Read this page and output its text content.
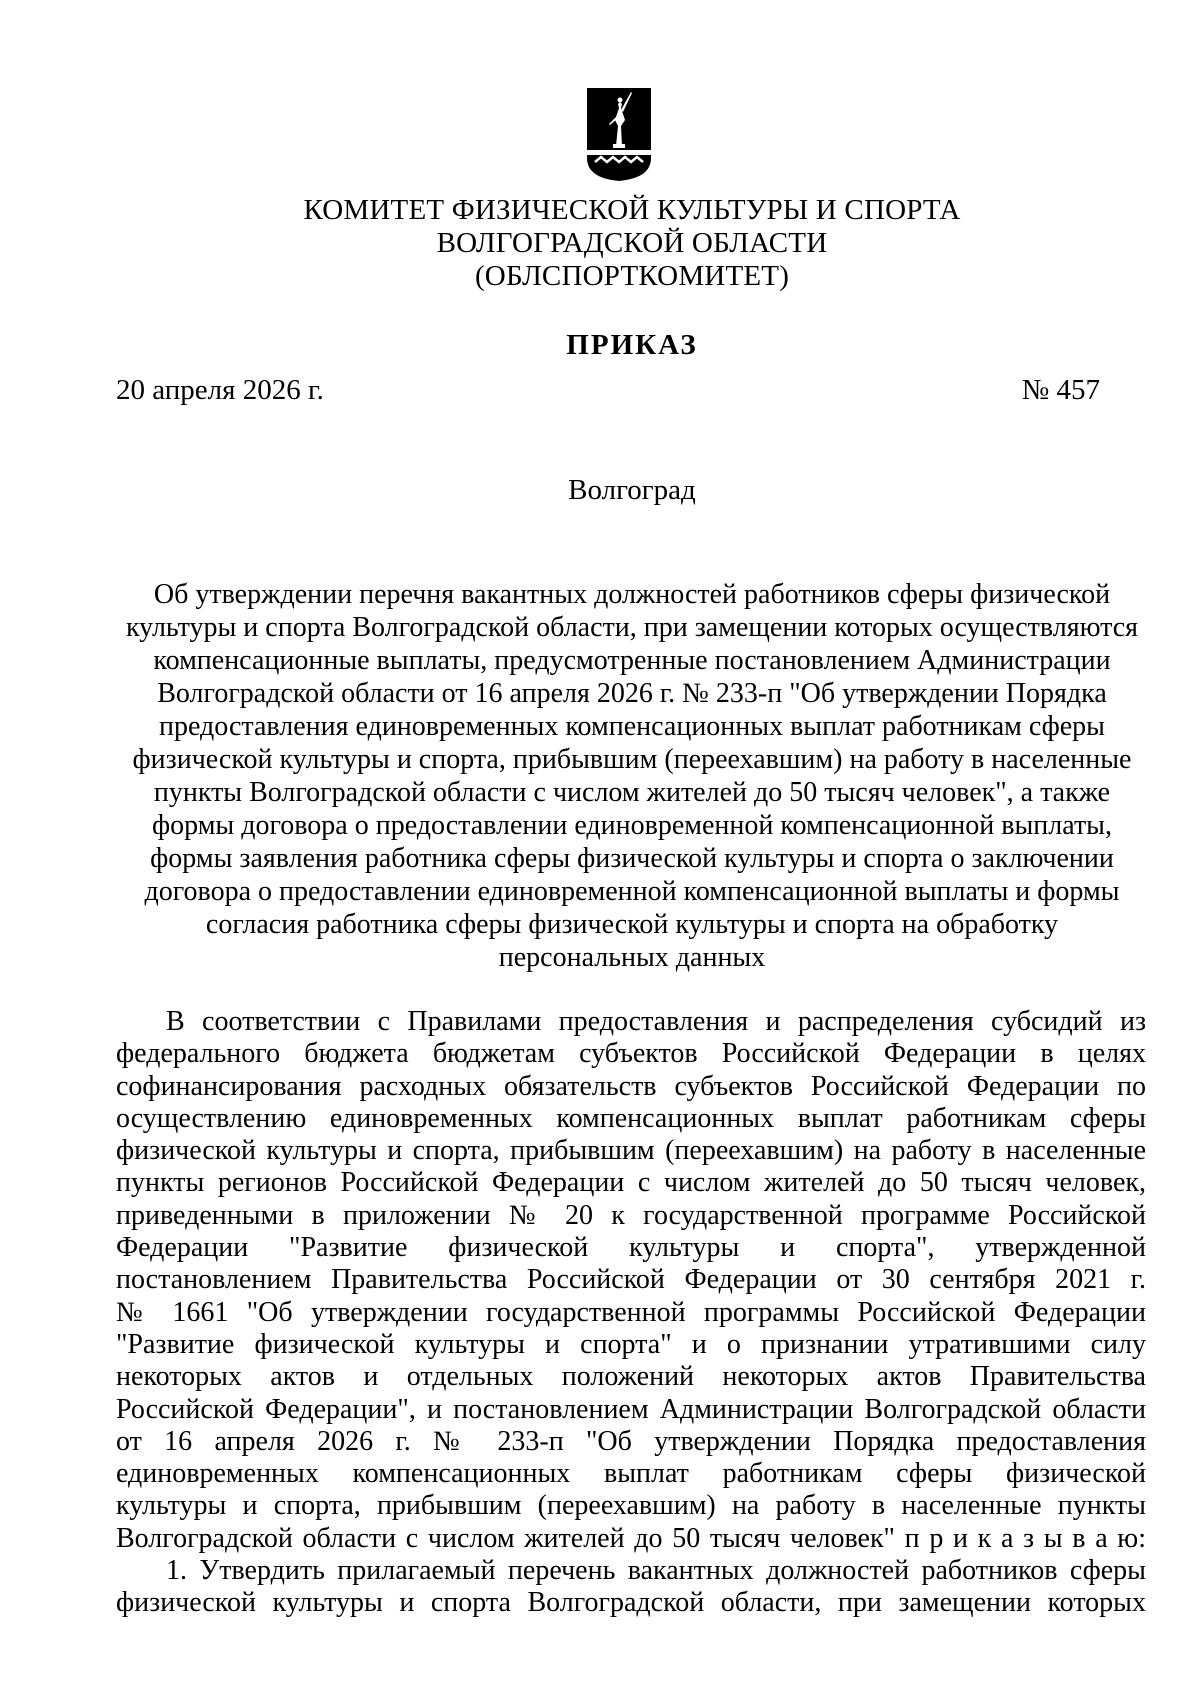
КОМИТЕТ ФИЗИЧЕСКОЙ КУЛЬТУРЫ И СПОРТА
ВОЛГОГРАДСКОЙ ОБЛАСТИ
(ОБЛСПОРТКОМИТЕТ)
ПРИКАЗ
20 апреля 2026 г.	№ 457
Волгоград
Об утверждении перечня вакантных должностей работников сферы физической
культуры и спорта Волгоградской области, при замещении которых осуществляются
компенсационные выплаты, предусмотренные постановлением Администрации
Волгоградской области от 16 апреля 2026 г. № 233-п "Об утверждении Порядка
предоставления единовременных компенсационных выплат работникам сферы
физической культуры и спорта, прибывшим (переехавшим) на работу в населенные
пункты Волгоградской области с числом жителей до 50 тысяч человек", а также
формы договора о предоставлении единовременной компенсационной выплаты,
формы заявления работника сферы физической культуры и спорта о заключении
договора о предоставлении единовременной компенсационной выплаты и формы
согласия работника сферы физической культуры и спорта на обработку
персональных данных
В соответствии с Правилами предоставления и распределения субсидий из
федерального бюджета бюджетам субъектов Российской Федерации в целях
софинансирования расходных обязательств субъектов Российской Федерации по
осуществлению единовременных компенсационных выплат работникам сферы
физической культуры и спорта, прибывшим (переехавшим) на работу в населенные
пункты регионов Российской Федерации с числом жителей до 50 тысяч человек,
приведенными в приложении № 20 к государственной программе Российской
Федерации "Развитие физической культуры и спорта", утвержденной
постановлением Правительства Российской Федерации от 30 сентября 2021 г.
№ 1661 "Об утверждении государственной программы Российской Федерации
"Развитие физической культуры и спорта" и о признании утратившими силу
некоторых актов и отдельных положений некоторых актов Правительства
Российской Федерации", и постановлением Администрации Волгоградской области
от 16 апреля 2026 г. № 233-п "Об утверждении Порядка предоставления
единовременных компенсационных выплат работникам сферы физической
культуры и спорта, прибывшим (переехавшим) на работу в населенные пункты
Волгоградской области с числом жителей до 50 тысяч человек" п р и к а з ы в а ю:
1. Утвердить прилагаемый перечень вакантных должностей работников сферы
физической культуры и спорта Волгоградской области, при замещении которых
